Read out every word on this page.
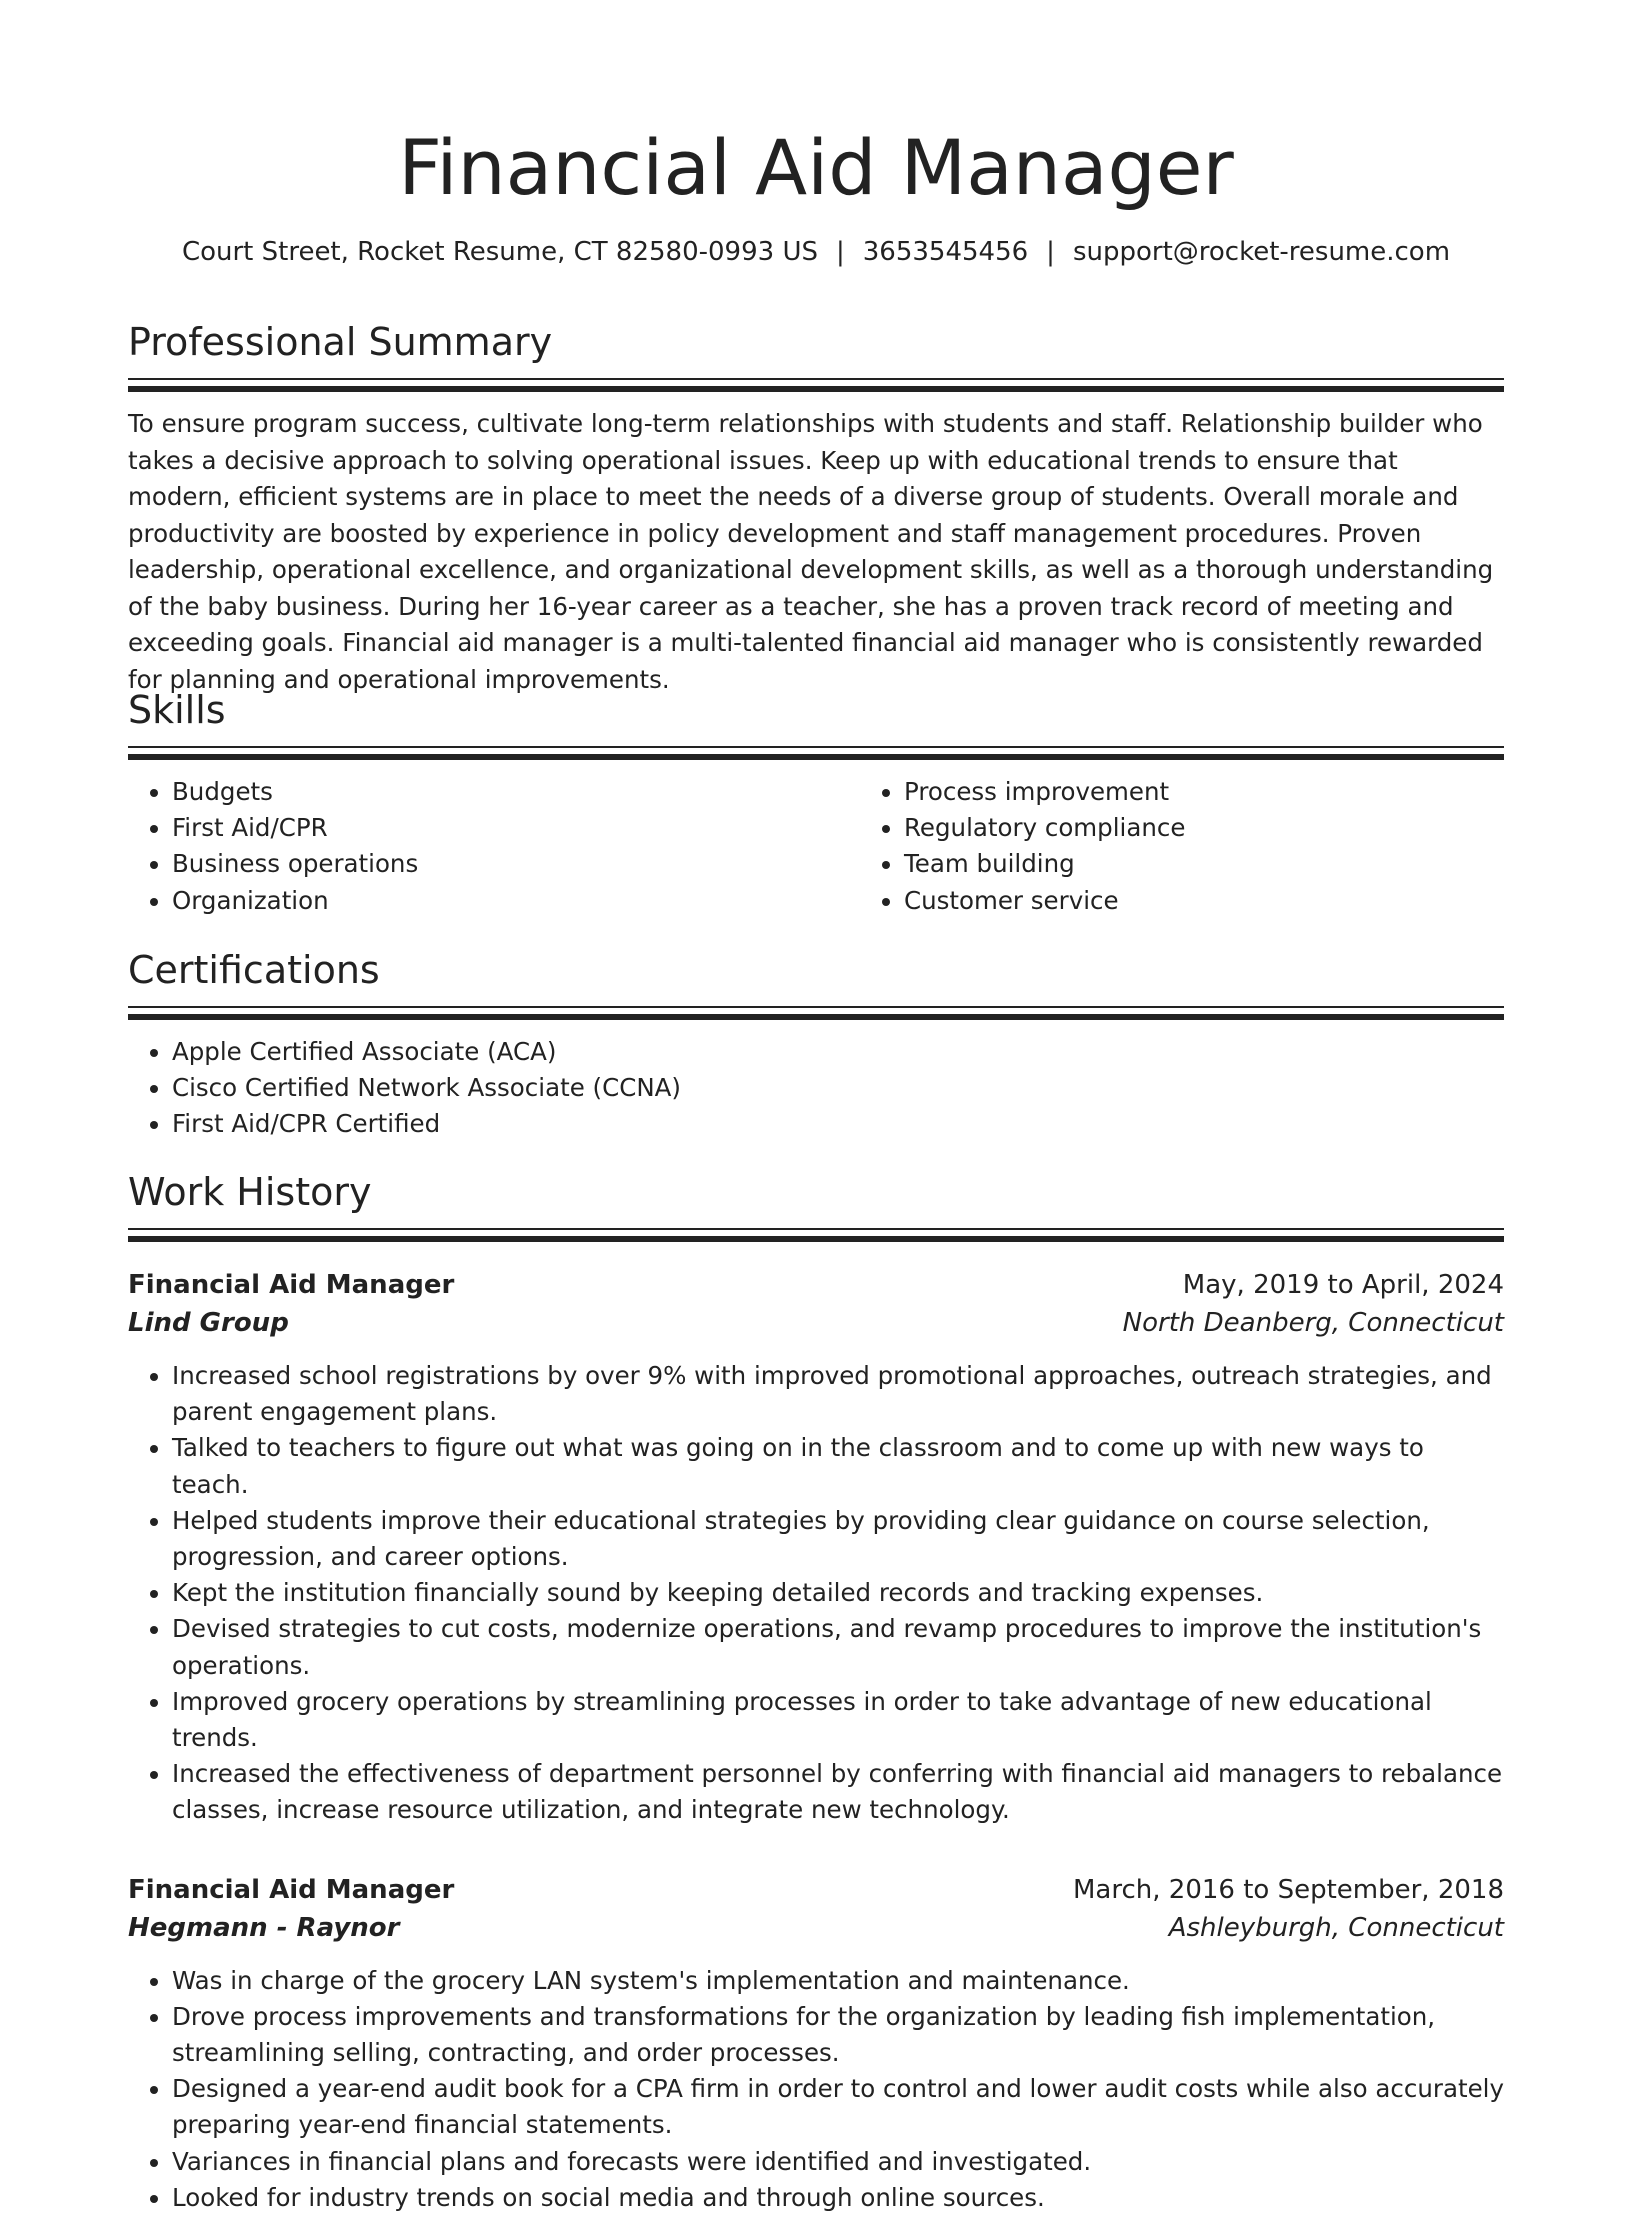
Financial Aid Manager
Court Street, Rocket Resume, CT 82580-0993 US | 3653545456 | support@rocket-resume.com
Professional Summary

To ensure program success, cultivate long-term relationships with students and staff. Relationship builder who takes a decisive approach to solving operational issues. Keep up with educational trends to ensure that modern, efficient systems are in place to meet the needs of a diverse group of students. Overall morale and productivity are boosted by experience in policy development and staff management procedures. Proven leadership, operational excellence, and organizational development skills, as well as a thorough understanding of the baby business. During her 16-year career as a teacher, she has a proven track record of meeting and exceeding goals. Financial aid manager is a multi-talented financial aid manager who is consistently rewarded for planning and operational improvements.

Skills
• Budgets
• First Aid/CPR
• Business operations
• Organization
• Process improvement
• Regulatory compliance
• Team building
• Customer service
Certifications
• Apple Certified Associate (ACA)
• Cisco Certified Network Associate (CCNA)
• First Aid/CPR Certified
Work History
Financial Aid Manager	May, 2019 to April, 2024
Lind Group	North Deanberg, Connecticut
• Increased school registrations by over 9% with improved promotional approaches, outreach strategies, and parent engagement plans.
• Talked to teachers to figure out what was going on in the classroom and to come up with new ways to teach.
• Helped students improve their educational strategies by providing clear guidance on course selection, progression, and career options.
• Kept the institution financially sound by keeping detailed records and tracking expenses.
• Devised strategies to cut costs, modernize operations, and revamp procedures to improve the institution's operations.
• Improved grocery operations by streamlining processes in order to take advantage of new educational trends.
• Increased the effectiveness of department personnel by conferring with financial aid managers to rebalance classes, increase resource utilization, and integrate new technology.
Financial Aid Manager	March, 2016 to September, 2018
Hegmann - Raynor	Ashleyburgh, Connecticut
• Was in charge of the grocery LAN system's implementation and maintenance.
• Drove process improvements and transformations for the organization by leading fish implementation, streamlining selling, contracting, and order processes.
• Designed a year-end audit book for a CPA firm in order to control and lower audit costs while also accurately preparing year-end financial statements.
• Variances in financial plans and forecasts were identified and investigated.
• Looked for industry trends on social media and through online sources.
